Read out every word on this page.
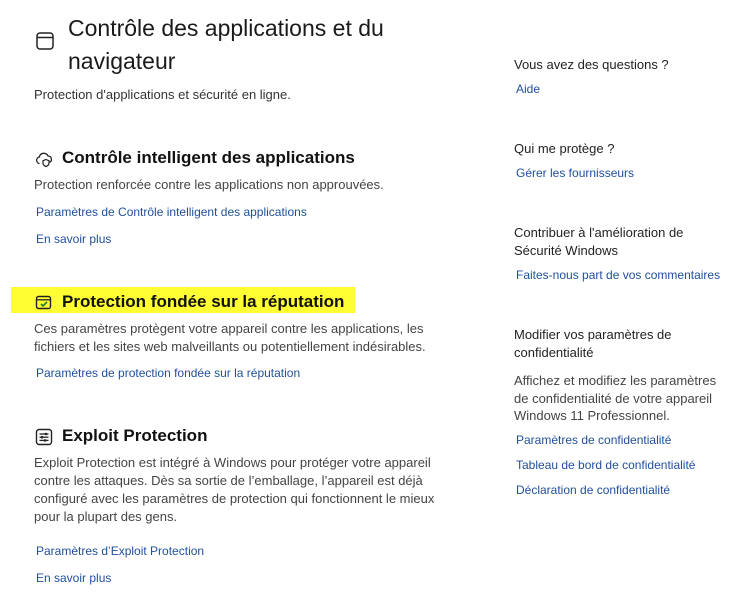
Contrôle des applications et du navigateur
Protection d'applications et sécurité en ligne.
Contrôle intelligent des applications
Protection renforcée contre les applications non approuvées.
Paramètres de Contrôle intelligent des applications
En savoir plus
Protection fondée sur la réputation
Ces paramètres protègent votre appareil contre les applications, les fichiers et les sites web malveillants ou potentiellement indésirables.
Paramètres de protection fondée sur la réputation
Exploit Protection
Exploit Protection est intégré à Windows pour protéger votre appareil contre les attaques. Dès sa sortie de l’emballage, l’appareil est déjà configuré avec les paramètres de protection qui fonctionnent le mieux pour la plupart des gens.
Paramètres d’Exploit Protection
En savoir plus
Vous avez des questions ?
Aide
Qui me protège ?
Gérer les fournisseurs
Contribuer à l'amélioration de Sécurité Windows
Faites-nous part de vos commentaires
Modifier vos paramètres de confidentialité
Affichez et modifiez les paramètres de confidentialité de votre appareil Windows 11 Professionnel.
Paramètres de confidentialité
Tableau de bord de confidentialité
Déclaration de confidentialité
